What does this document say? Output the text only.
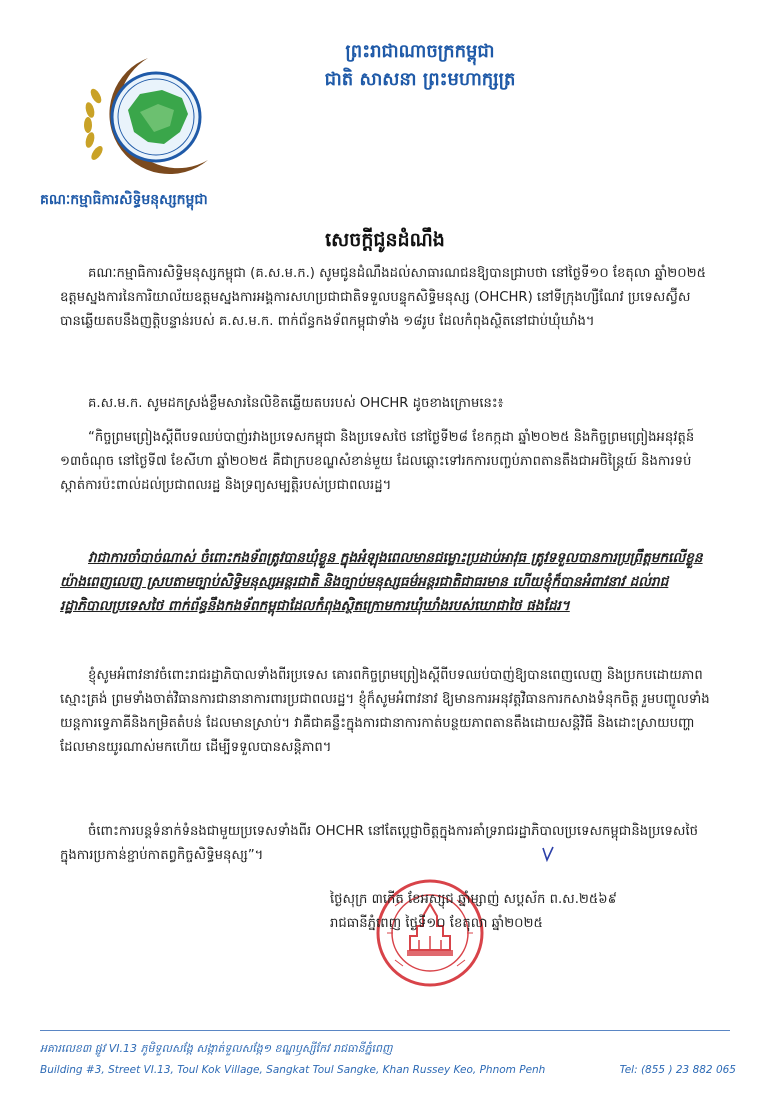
គណៈកម្មាធិការសិទ្ធិមនុស្សកម្ពុជា
ព្រះរាជាណាចក្រកម្ពុជា
ជាតិ សាសនា ព្រះមហាក្សត្រ
សេចក្តីជូនដំណឹង
គណៈកម្មាធិការសិទ្ធិមនុស្សកម្ពុជា (គ.ស.ម.ក.) សូមជូនដំណឹងដល់សាធារណជនឱ្យបានជ្រាបថា នៅថ្ងៃទី១០ ខែតុលា ឆ្នាំ២០២៥ ឧត្តមស្នងការនៃការិយាល័យឧត្តមស្នងការអង្គការសហប្រជាជាតិទទួលបន្ទុកសិទ្ធិមនុស្ស (OHCHR) នៅទីក្រុងហ្សឺណែវ ប្រទេសស្វ៊ីស បានឆ្លើយតបនឹងញត្តិបន្ទាន់របស់ គ.ស.ម.ក. ពាក់ព័ន្ធកងទ័ពកម្ពុជាទាំង ១៨រូប ដែលកំពុងស្ថិតនៅជាប់ឃុំឃាំង។
គ.ស.ម.ក. សូមដកស្រង់ខ្លឹមសារនៃលិខិតឆ្លើយតបរបស់ OHCHR ដូចខាងក្រោមនេះ៖
“កិច្ចព្រមព្រៀងស្តីពីបទឈប់បាញ់រវាងប្រទេសកម្ពុជា និងប្រទេសថៃ នៅថ្ងៃទី២៨ ខែកក្កដា ឆ្នាំ២០២៥ និងកិច្ចព្រមព្រៀងអនុវត្តន៍ ១៣ចំណុច នៅថ្ងៃទី៧ ខែសីហា ឆ្នាំ២០២៥ គឺជាក្របខណ្ឌសំខាន់មួយ ដែលឆ្ពោះទៅរកការបញ្ចប់ភាពតានតឹងជាអចិន្ត្រៃយ៍ និងការទប់ស្កាត់ការប៉ះពាល់ដល់ប្រជាពលរដ្ឋ និងទ្រព្យសម្បត្តិរបស់ប្រជាពលរដ្ឋ។
វាជាការចាំបាច់ណាស់ ចំពោះកងទ័ពត្រូវបានឃុំខ្លួន ក្នុងអំឡុងពេលមានជម្លោះប្រដាប់អាវុធ ត្រូវទទួលបានការប្រព្រឹត្តមកលើខ្លួនយ៉ាងពេញលេញ ស្របតាមច្បាប់សិទ្ធិមនុស្សអន្តរជាតិ និងច្បាប់មនុស្សធម៌អន្តរជាតិជាធរមាន ហើយខ្ញុំក៏បានអំពាវនាវ ដល់រាជរដ្ឋាភិបាលប្រទេសថៃ ពាក់ព័ន្ធនឹងកងទ័ពកម្ពុជាដែលកំពុងស្ថិតក្រោមការឃុំឃាំងរបស់ឃោជាថៃ ផងដែរ។
ខ្ញុំសូមអំពាវនាវចំពោះរាជរដ្ឋាភិបាលទាំងពីរប្រទេស គោរពកិច្ចព្រមព្រៀងស្តីពីបទឈប់បាញ់ឱ្យបានពេញលេញ និងប្រកបដោយភាពស្មោះត្រង់ ព្រមទាំងចាត់វិធានការជានានាការពារប្រជាពលរដ្ឋ។ ខ្ញុំក៏សូមអំពាវនាវ ឱ្យមានការអនុវត្តវិធានការកសាងទំនុកចិត្ត រួមបញ្ចូលទាំងយន្តការទ្វេភាគីនិងកម្រិតតំបន់ ដែលមានស្រាប់។ វាគឺជាគន្លឹះក្នុងការជានាការកាត់បន្ថយភាពតានតឹងដោយសន្តិវិធី និងដោះស្រាយបញ្ហា ដែលមានយូរណាស់មកហើយ ដើម្បីទទួលបានសន្តិភាព។
ចំពោះការបន្តទំនាក់ទំនងជាមួយប្រទេសទាំងពីរ OHCHR នៅតែប្តេជ្ញាចិត្តក្នុងការគាំទ្ររាជរដ្ឋាភិបាលប្រទេសកម្ពុជានិងប្រទេសថៃ ក្នុងការប្រកាន់ខ្ជាប់កាតព្វកិច្ចសិទ្ធិមនុស្ស”។
ថ្ងៃសុក្រ ៣កើត ខែអស្សុជ ឆ្នាំម្សាញ់ សប្តស័ក ព.ស.២៥៦៩
រាជធានីភ្នំពេញ ថ្ងៃទី១០ ខែតុលា ឆ្នាំ២០២៥
អគារលេខ៣ ផ្លូវ VI.13 ភូមិទួលសង្កែ សង្កាត់ទួលសង្កែ១ ខណ្ឌឫស្សីកែវ រាជធានីភ្នំពេញ
Building #3, Street VI.13, Toul Kok Village, Sangkat Toul Sangke, Khan Russey Keo, Phnom Penh	Tel: (855 ) 23 882 065
